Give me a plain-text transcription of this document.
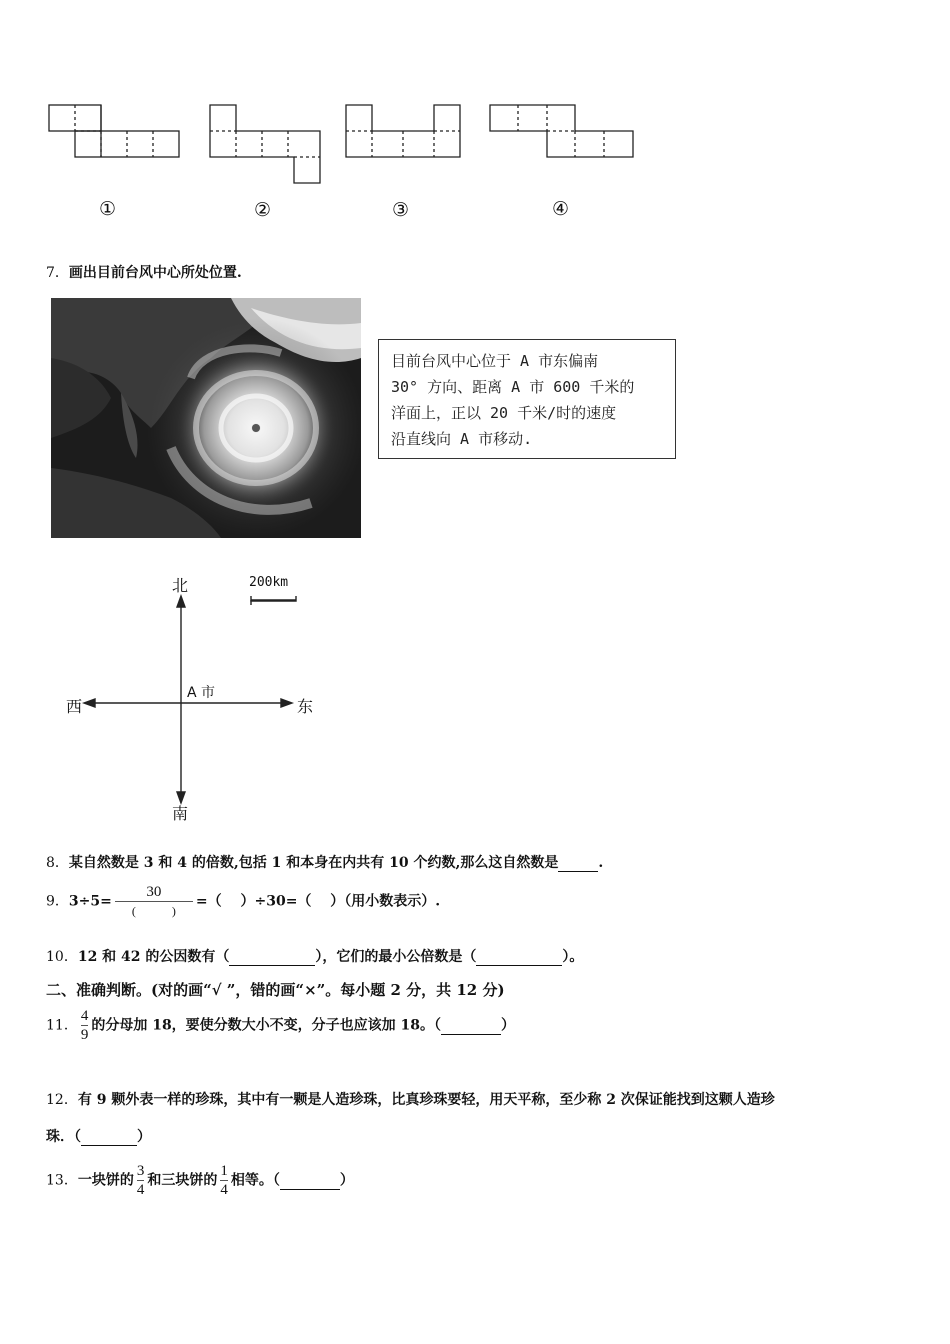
①	②	③	④
7．画出目前台风中心所处位置.
目前台风中心位于 A 市东偏南
30° 方向、距离 A 市 600 千米的
洋面上，正以 20 千米/时的速度
沿直线向 A 市移动.
北
南
东
西
A 市
200km
8．某自然数是 3 和 4 的倍数,包括 1 和本身在内共有 10 个约数,那么这自然数是	.
9．$3\div 5= \frac{30}{( )}$ =（　 ）÷30=（　 ）（用小数表示）.
10．12 和 42 的公因数有（	），它们的最小公倍数是（	）。
二、准确判断。(对的画“√ ”，错的画“×”。每小题 2 分，共 12 分)
11． $\frac{4}{9}$ 的分母加 18，要使分数大小不变，分子也应该加 18。（	）
12．有 9 颗外表一样的珍珠，其中有一颗是人造珍珠，比真珍珠要轻，用天平称，至少称 2 次保证能找到这颗人造珍
珠．（	）
13．一块饼的 $\frac{3}{4}$ 和三块饼的 $\frac{1}{4}$ 相等。（	）
